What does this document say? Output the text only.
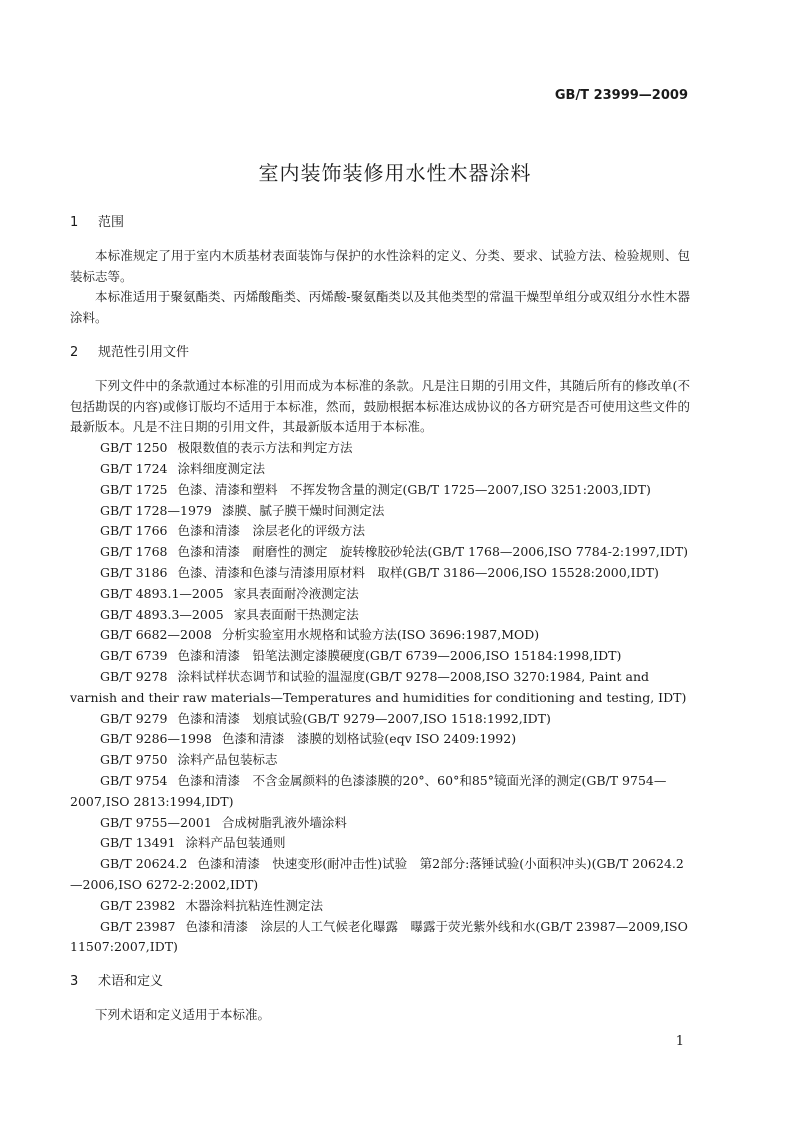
GB/T 23999—2009
室内装饰装修用水性木器涂料

1 范围

本标准规定了用于室内木质基材表面装饰与保护的水性涂料的定义、分类、要求、试验方法、检验规则、包装标志等。

本标准适用于聚氨酯类、丙烯酸酯类、丙烯酸-聚氨酯类以及其他类型的常温干燥型单组分或双组分水性木器涂料。

2 规范性引用文件

下列文件中的条款通过本标准的引用而成为本标准的条款。凡是注日期的引用文件，其随后所有的修改单(不包括勘误的内容)或修订版均不适用于本标准，然而，鼓励根据本标准达成协议的各方研究是否可使用这些文件的最新版本。凡是不注日期的引用文件，其最新版本适用于本标准。

GB/T 1250 极限数值的表示方法和判定方法

GB/T 1724 涂料细度测定法

GB/T 1725 色漆、清漆和塑料　不挥发物含量的测定(GB/T 1725—2007,ISO 3251:2003,IDT)

GB/T 1728—1979 漆膜、腻子膜干燥时间测定法

GB/T 1766 色漆和清漆　涂层老化的评级方法

GB/T 1768 色漆和清漆　耐磨性的测定　旋转橡胶砂轮法(GB/T 1768—2006,ISO 7784-2:1997,IDT)

GB/T 3186 色漆、清漆和色漆与清漆用原材料　取样(GB/T 3186—2006,ISO 15528:2000,IDT)

GB/T 4893.1—2005 家具表面耐冷液测定法

GB/T 4893.3—2005 家具表面耐干热测定法

GB/T 6682—2008 分析实验室用水规格和试验方法(ISO 3696:1987,MOD)

GB/T 6739 色漆和清漆　铅笔法测定漆膜硬度(GB/T 6739—2006,ISO 15184:1998,IDT)

GB/T 9278 涂料试样状态调节和试验的温湿度(GB/T 9278—2008,ISO 3270:1984, Paint and varnish and their raw materials—Temperatures and humidities for conditioning and testing, IDT)

GB/T 9279 色漆和清漆　划痕试验(GB/T 9279—2007,ISO 1518:1992,IDT)

GB/T 9286—1998 色漆和清漆　漆膜的划格试验(eqv ISO 2409:1992)

GB/T 9750 涂料产品包装标志

GB/T 9754 色漆和清漆　不含金属颜料的色漆漆膜的20°、60°和85°镜面光泽的测定(GB/T 9754—2007,ISO 2813:1994,IDT)

GB/T 9755—2001 合成树脂乳液外墙涂料

GB/T 13491 涂料产品包装通则

GB/T 20624.2 色漆和清漆　快速变形(耐冲击性)试验　第2部分:落锤试验(小面积冲头)(GB/T 20624.2—2006,ISO 6272-2:2002,IDT)

GB/T 23982 木器涂料抗粘连性测定法

GB/T 23987 色漆和清漆　涂层的人工气候老化曝露　曝露于荧光紫外线和水(GB/T 23987—2009,ISO 11507:2007,IDT)

3 术语和定义

下列术语和定义适用于本标准。

1
